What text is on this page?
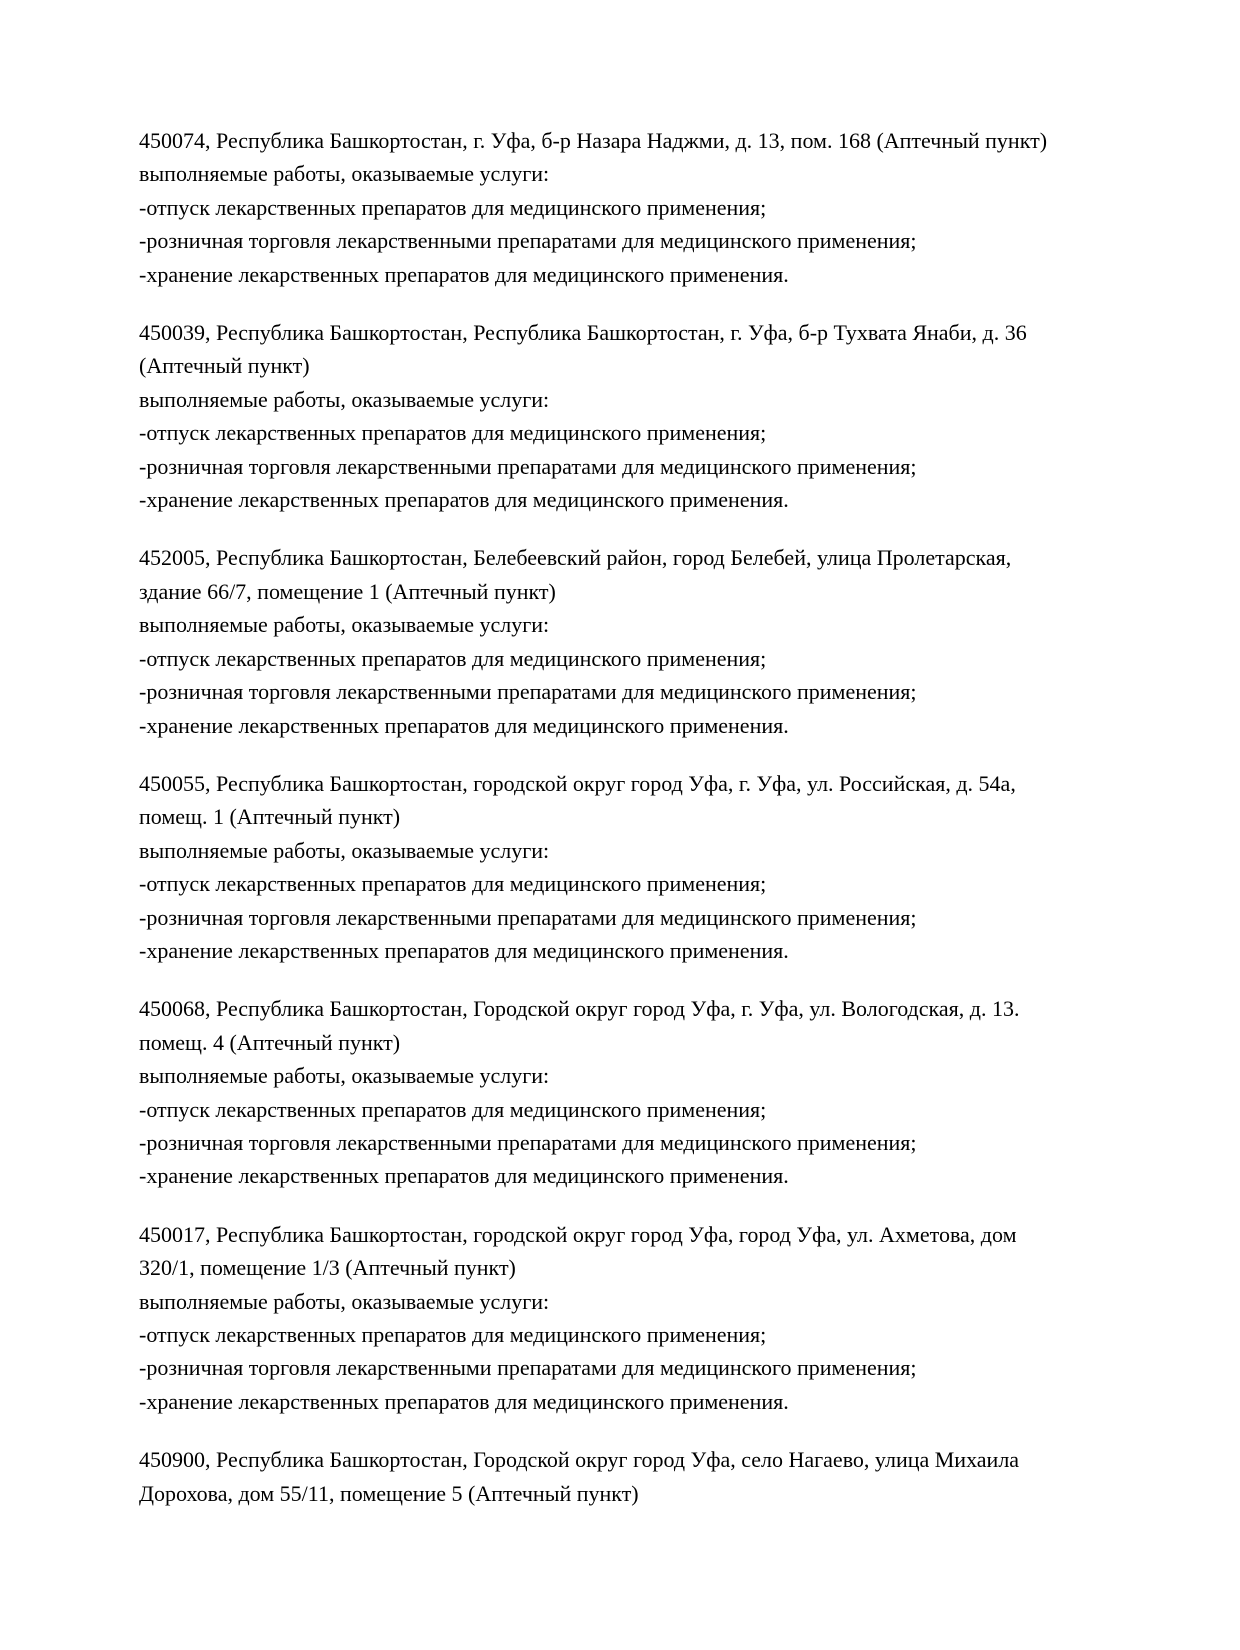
450074, Республика Башкортостан, г. Уфа, б-р Назара Наджми, д. 13, пом. 168 (Аптечный пункт)
выполняемые работы, оказываемые услуги:
-отпуск лекарственных препаратов для медицинского применения;
-розничная торговля лекарственными препаратами для медицинского применения;
-хранение лекарственных препаратов для медицинского применения.
450039, Республика Башкортостан, Республика Башкортостан, г. Уфа, б-р Тухвата Янаби, д. 36
(Аптечный пункт)
выполняемые работы, оказываемые услуги:
-отпуск лекарственных препаратов для медицинского применения;
-розничная торговля лекарственными препаратами для медицинского применения;
-хранение лекарственных препаратов для медицинского применения.
452005, Республика Башкортостан, Белебеевский район, город Белебей, улица Пролетарская,
здание 66/7, помещение 1 (Аптечный пункт)
выполняемые работы, оказываемые услуги:
-отпуск лекарственных препаратов для медицинского применения;
-розничная торговля лекарственными препаратами для медицинского применения;
-хранение лекарственных препаратов для медицинского применения.
450055, Республика Башкортостан, городской округ город Уфа, г. Уфа, ул. Российская, д. 54а,
помещ. 1 (Аптечный пункт)
выполняемые работы, оказываемые услуги:
-отпуск лекарственных препаратов для медицинского применения;
-розничная торговля лекарственными препаратами для медицинского применения;
-хранение лекарственных препаратов для медицинского применения.
450068, Республика Башкортостан, Городской округ город Уфа, г. Уфа, ул. Вологодская, д. 13.
помещ. 4 (Аптечный пункт)
выполняемые работы, оказываемые услуги:
-отпуск лекарственных препаратов для медицинского применения;
-розничная торговля лекарственными препаратами для медицинского применения;
-хранение лекарственных препаратов для медицинского применения.
450017, Республика Башкортостан, городской округ город Уфа, город Уфа, ул. Ахметова, дом
320/1, помещение 1/3 (Аптечный пункт)
выполняемые работы, оказываемые услуги:
-отпуск лекарственных препаратов для медицинского применения;
-розничная торговля лекарственными препаратами для медицинского применения;
-хранение лекарственных препаратов для медицинского применения.
450900, Республика Башкортостан, Городской округ город Уфа, село Нагаево, улица Михаила
Дорохова, дом 55/11, помещение 5 (Аптечный пункт)
